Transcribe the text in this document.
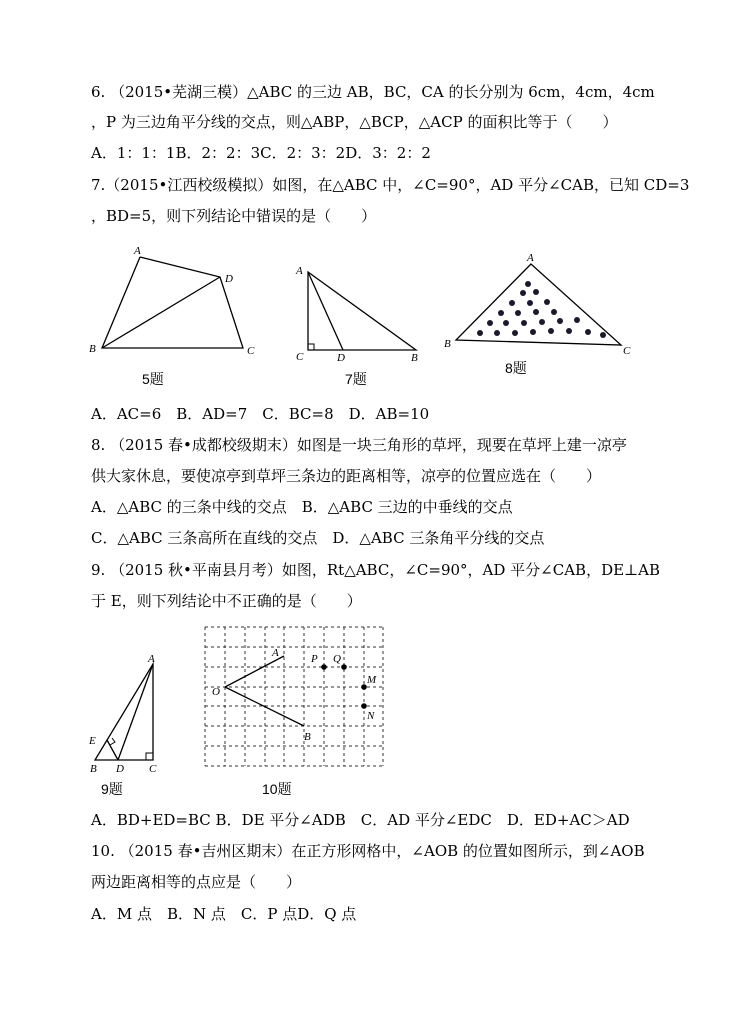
6. （2015•芜湖三模）△ABC 的三边 AB，BC，CA 的长分别为 6cm，4cm，4cm
，P 为三边角平分线的交点，则△ABP，△BCP，△ACP 的面积比等于（　　）
A．1：1：1B．2：2：3C．2：3：2D．3：2：2
7.（2015•江西校级模拟）如图，在△ABC 中，∠C=90°，AD 平分∠CAB，已知 CD=3
，BD=5，则下列结论中错误的是（　　）
A
D
B	C
5题
A
C	D	B
7题
A
B
C
8题
A．AC=6　B．AD=7　C．BC=8　D．AB=10
8. （2015 春•成都校级期末）如图是一块三角形的草坪，现要在草坪上建一凉亭
供大家休息，要使凉亭到草坪三条边的距离相等，凉亭的位置应选在（　　）
A．△ABC 的三条中线的交点　B．△ABC 三边的中垂线的交点
C．△ABC 三条高所在直线的交点　D．△ABC 三条角平分线的交点
9. （2015 秋•平南县月考）如图，Rt△ABC，∠C=90°，AD 平分∠CAB，DE⊥AB
于 E，则下列结论中不正确的是（　　）
A
E
B D C
9题
A	P Q
M
N
O
B
10题
A．BD+ED=BC B．DE 平分∠ADB　C．AD 平分∠EDC　D．ED+AC＞AD
10. （2015 春•吉州区期末）在正方形网格中，∠AOB 的位置如图所示，到∠AOB
两边距离相等的点应是（　　）
A．M 点　B．N 点　C．P 点D．Q 点
